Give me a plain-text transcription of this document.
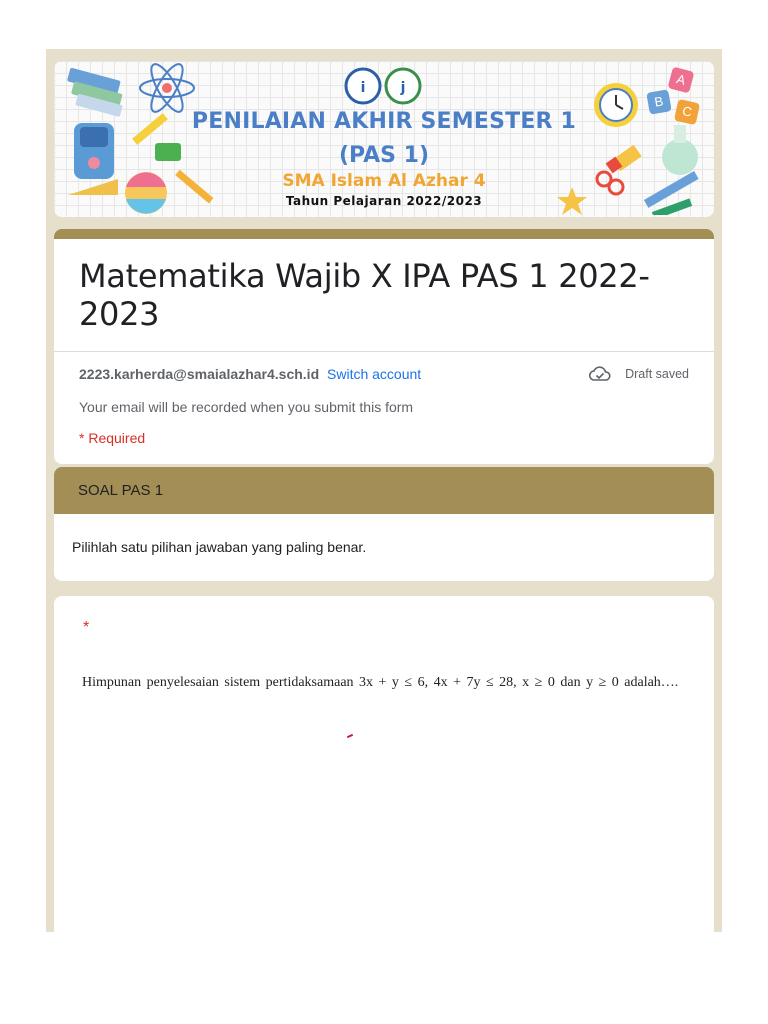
i	j
PENILAIAN AKHIR SEMESTER 1
(PAS 1)
SMA Islam Al Azhar 4
Tahun Pelajaran 2022/2023
A
B
C
Matematika Wajib X IPA PAS 1 2022-2023
2223.karherda@smaialazhar4.sch.id Switch account	Draft saved
Your email will be recorded when you submit this form
* Required
SOAL PAS 1
Pilihlah satu pilihan jawaban yang paling benar.
*
Himpunan penyelesaian sistem pertidaksamaan 3x + y ≤ 6, 4x + 7y ≤ 28, x ≥ 0 dan y ≥ 0 adalah….
